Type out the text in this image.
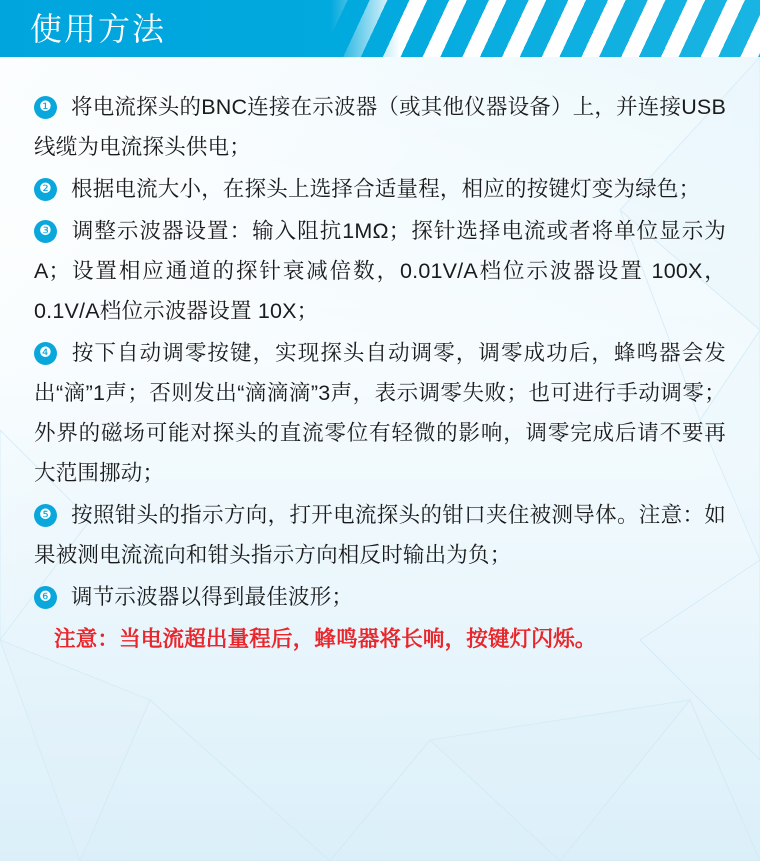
使用方法
❶ 将电流探头的BNC连接在示波器（或其他仪器设备）上，并连接USB线缆为电流探头供电；
❷ 根据电流大小，在探头上选择合适量程，相应的按键灯变为绿色；
❸ 调整示波器设置：输入阻抗1MΩ；探针选择电流或者将单位显示为A；设置相应通道的探针衰减倍数，0.01V/A档位示波器设置 100X，0.1V/A档位示波器设置 10X；
❹ 按下自动调零按键，实现探头自动调零，调零成功后，蜂鸣器会发出“滴”1声；否则发出“滴滴滴”3声，表示调零失败；也可进行手动调零；外界的磁场可能对探头的直流零位有轻微的影响，调零完成后请不要再大范围挪动；
❺ 按照钳头的指示方向，打开电流探头的钳口夹住被测导体。注意：如果被测电流流向和钳头指示方向相反时输出为负；
❻ 调节示波器以得到最佳波形；
注意：当电流超出量程后，蜂鸣器将长响，按键灯闪烁。
